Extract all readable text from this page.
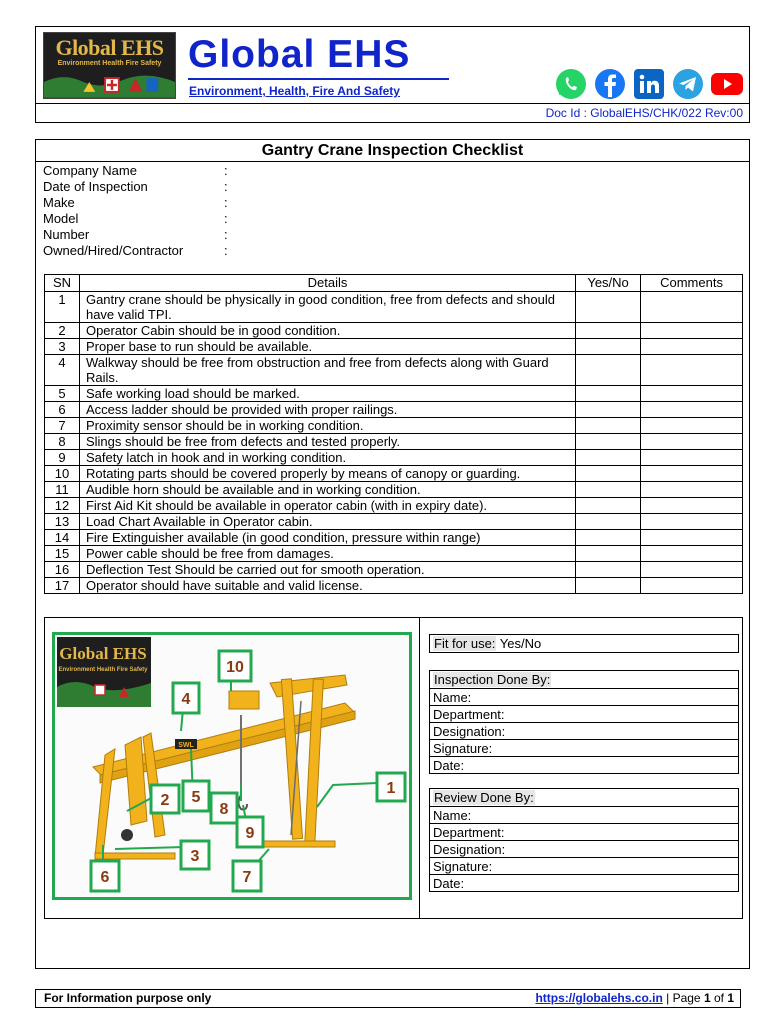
Global EHS
Environment Health Fire Safety Global EHS
Environment, Health, Fire And Safety
Doc Id : GlobalEHS/CHK/022 Rev:00
Gantry Crane Inspection Checklist
Company Name	:
Date of Inspection	:
Make	:
Model	:
Number	:
Owned/Hired/Contractor	:
SN	Details	Yes/No	Comments
1	Gantry crane should be physically in good condition, free from defects and should have valid TPI.		
2	Operator Cabin should be in good condition.		
3	Proper base to run should be available.		
4	Walkway should be free from obstruction and free from defects along with Guard Rails.		
5	Safe working load should be marked.		
6	Access ladder should be provided with proper railings.		
7	Proximity sensor should be in working condition.		
8	Slings should be free from defects and tested properly.		
9	Safety latch in hook and in working condition.		
10	Rotating parts should be covered properly by means of canopy or guarding.		
11	Audible horn should be available and in working condition.		
12	First Aid Kit should be available in operator cabin (with in expiry date).		
13	Load Chart Available in Operator cabin.		
14	Fire Extinguisher available (in good condition, pressure within range)		
15	Power cable should be free from damages.		
16	Deflection Test Should be carried out for smooth operation.		
17	Operator should have suitable and valid license.		
SWL
Global EHS
Environment Health Fire Safety
1
2
3
4
5
6	7
8
9
10
Fit for use: Yes/No
Inspection Done By:
Name:
Department:
Designation:
Signature:
Date:
Review Done By:
Name:
Department:
Designation:
Signature:
Date:
For Information purpose only	https://globalehs.co.in | Page 1 of 1
